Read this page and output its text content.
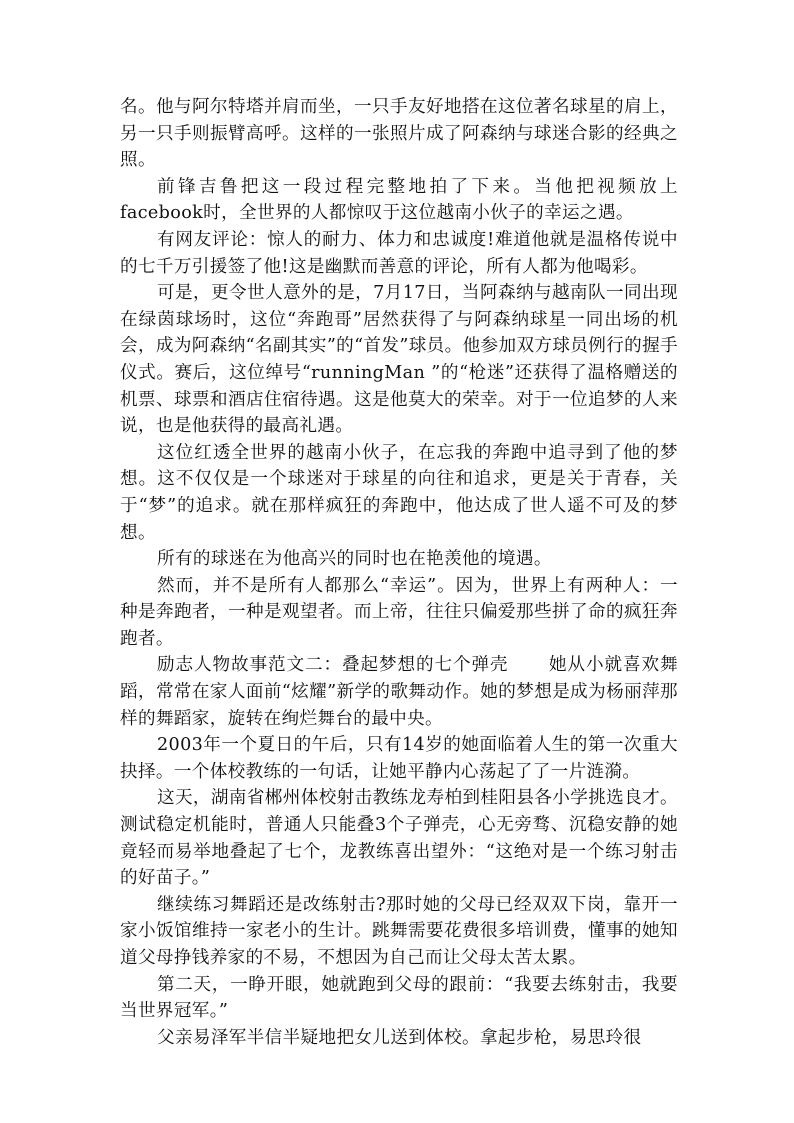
名。他与阿尔特塔并肩而坐，一只手友好地搭在这位著名球星的肩上，另一只手则振臂高呼。这样的一张照片成了阿森纳与球迷合影的经典之照。

前锋吉鲁把这一段过程完整地拍了下来。当他把视频放上facebook时，全世界的人都惊叹于这位越南小伙子的幸运之遇。

有网友评论：惊人的耐力、体力和忠诚度!难道他就是温格传说中的七千万引援签了他!这是幽默而善意的评论，所有人都为他喝彩。

可是，更令世人意外的是，7月17日，当阿森纳与越南队一同出现在绿茵球场时，这位“奔跑哥”居然获得了与阿森纳球星一同出场的机会，成为阿森纳“名副其实”的“首发”球员。他参加双方球员例行的握手仪式。赛后，这位绰号“runningMan ”的“枪迷”还获得了温格赠送的机票、球票和酒店住宿待遇。这是他莫大的荣幸。对于一位追梦的人来说，也是他获得的最高礼遇。

这位红透全世界的越南小伙子，在忘我的奔跑中追寻到了他的梦想。这不仅仅是一个球迷对于球星的向往和追求，更是关于青春，关于“梦”的追求。就在那样疯狂的奔跑中，他达成了世人遥不可及的梦想。

所有的球迷在为他高兴的同时也在艳羡他的境遇。

然而，并不是所有人都那么“幸运”。因为，世界上有两种人：一种是奔跑者，一种是观望者。而上帝，往往只偏爱那些拼了命的疯狂奔跑者。

励志人物故事范文二：叠起梦想的七个弹壳 她从小就喜欢舞蹈，常常在家人面前“炫耀”新学的歌舞动作。她的梦想是成为杨丽萍那样的舞蹈家，旋转在绚烂舞台的最中央。

2003年一个夏日的午后，只有14岁的她面临着人生的第一次重大抉择。一个体校教练的一句话，让她平静内心荡起了了一片涟漪。

这天，湖南省郴州体校射击教练龙寿柏到桂阳县各小学挑选良才。测试稳定机能时，普通人只能叠3个子弹壳，心无旁骛、沉稳安静的她竟轻而易举地叠起了七个，龙教练喜出望外：“这绝对是一个练习射击的好苗子。”

继续练习舞蹈还是改练射击?那时她的父母已经双双下岗，靠开一家小饭馆维持一家老小的生计。跳舞需要花费很多培训费，懂事的她知道父母挣钱养家的不易，不想因为自己而让父母太苦太累。

第二天，一睁开眼，她就跑到父母的跟前：“我要去练射击，我要当世界冠军。”

父亲易泽军半信半疑地把女儿送到体校。拿起步枪，易思玲很
